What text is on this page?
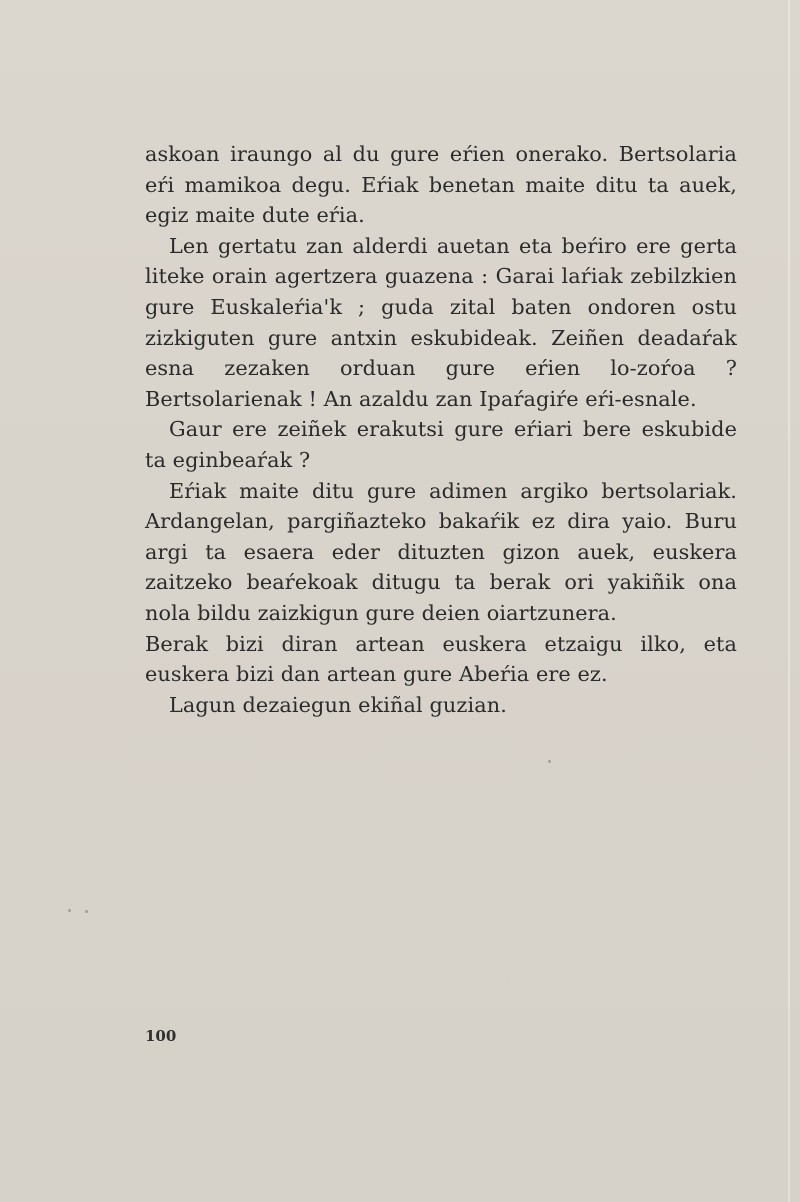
askoan iraungo al du gure eŕien onerako. Bertsolaria eŕi mamikoa degu. Eŕiak benetan maite ditu ta auek, egiz maite dute eŕia.

Len gertatu zan alderdi auetan eta beŕiro ere gerta liteke orain agertzera guazena : Garai laŕiak zebilzkien gure Euskaleŕia'k ; guda zital baten ondoren ostu zizkiguten gure antxin eskubideak. Zeiñen deadaŕak esna zezaken orduan gure eŕien lo-zoŕoa ? Bertsolarienak ! An azaldu zan Ipaŕagiŕe eŕi-esnale.

Gaur ere zeiñek erakutsi gure eŕiari bere eskubide ta eginbeaŕak ?

Eŕiak maite ditu gure adimen argiko bertsolariak. Ardangelan, pargiñazteko bakaŕik ez dira yaio. Buru argi ta esaera eder dituzten gizon auek, euskera zaitzeko beaŕekoak ditugu ta berak ori yakiñik ona nola bildu zaizkigun gure deien oiartzunera.

Berak bizi diran artean euskera etzaigu ilko, eta euskera bizi dan artean gure Abeŕia ere ez.

Lagun dezaiegun ekiñal guzian.

100
